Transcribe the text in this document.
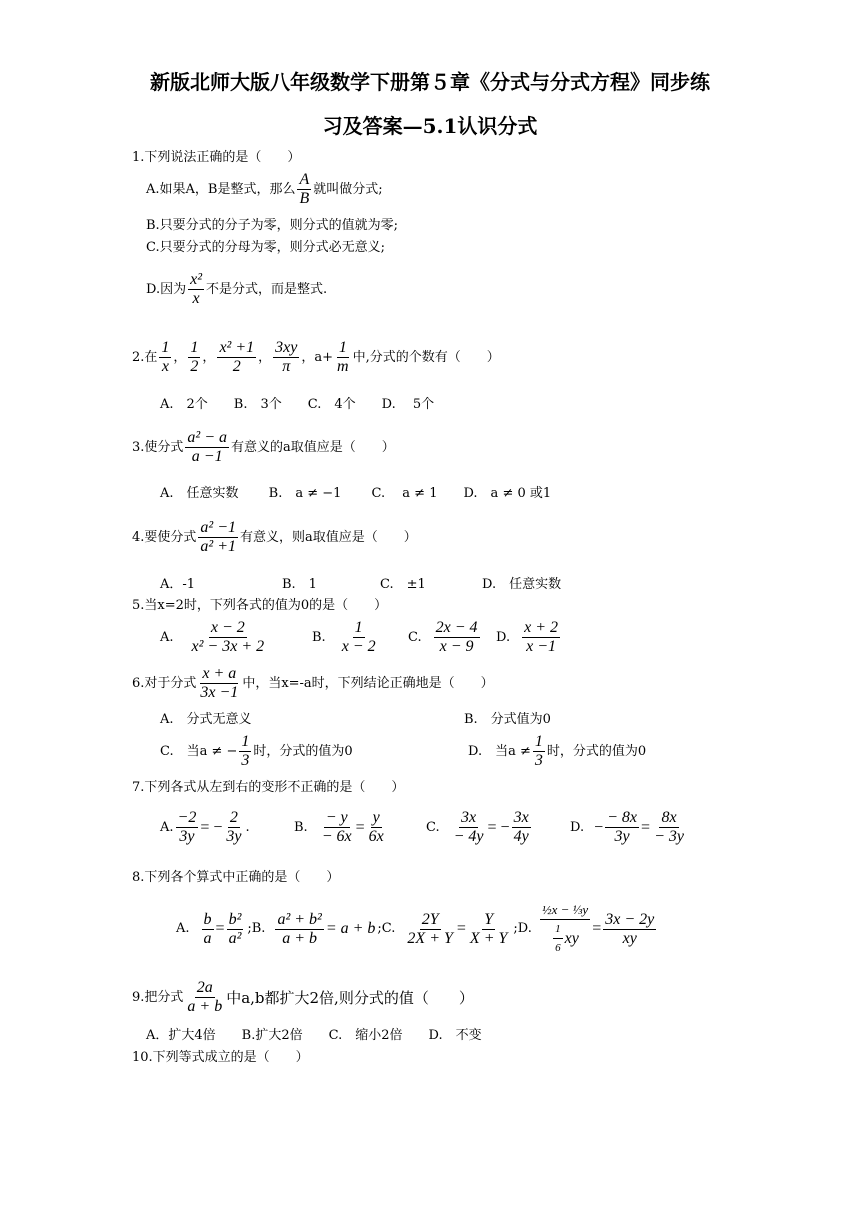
新版北师大版八年级数学下册第５章《分式与分式方程》同步练
习及答案—5.1认识分式
1.下列说法正确的是（　　）
A.如果A，B是整式，那么 $\frac{A}{B}$ 就叫做分式;
B.只要分式的分子为零，则分式的值就为零;
C.只要分式的分母为零，则分式必无意义;
D.因为 $\frac{\text{x²}}{x}$ 不是分式，而是整式.
2.在 $\frac{1}{x}$ ， $\frac{1}{2}$ ， $\frac{\text{x² +1}}{2}$ ， $\frac{3xy}{\pi}$ ， $a+ \frac{1}{m}$ 中,分式的个数有（　　）
A.　2个　　B.　3个　　C.　4个　　D.　 5个
3.使分式 $\frac{\text{a² − a}}{a -1}$ 有意义的a取值应是（　　）
A.　任意实数　　 B.　a ≠ −1　　 C.　 a ≠ 1　　D.　a ≠ 0 或1
4.要使分式 $\frac{\text{a² −1}}{\text{a² +1}}$ 有意义，则a取值应是（　　）
A．-1	B.　1	C.　±1	D.　任意实数
5.当x=2时，下列各式的值为0的是（　　）
A. $\frac{x - 2}{\text{x² − 3x + 2}}$	B. $\frac{1}{x - 2} C$. $\frac{2x - 4}{x - 9} D$. $\frac{x + 2}{x -1}$
6.对于分式 $\frac{x + a}{3x -1}$ 中，当x=-a时，下列结论正确地是（　　）
A.　分式无意义	B.　分式值为0
C.　当a ≠ − $\frac{1}{3}$ 时，分式的值为0	D.　当$a \ne \frac{1}{3}$ 时，分式的值为0
7.下列各式从左到右的变形不正确的是（　　）
A. $\frac{-2}{3y}$ = − $\frac{2}{3y}$ .	B. $\frac{- y}{- 6x} = \frac{y}{6x}$	C. $\frac{3x}{- 4y}$ = − $\frac{3x}{4y}$	D. − $\frac{- 8x}{3y} = \frac{8x}{- 3y}$
8.下列各个算式中正确的是（　　）
A. $\frac{b}{a} = \frac{\text{b²}}{\text{a²}}$ ;B. $\frac{\text{a² + b²}}{a + b} = a + b$ ;C. $\frac{2Y}{2X + Y} = \frac{Y}{X + Y}$ ;D. $\frac{\text{½x − ⅓y}}{\frac{1}{6} xy} = \frac{3x - 2y}{xy}$
9.把分式 $\frac{2a}{a + b}$ 中a,b都扩大2倍,则分式的值（　　）
A．扩大4倍　　B.扩大2倍　　C.　缩小2倍　　D.　不变
10.下列等式成立的是（　　）
